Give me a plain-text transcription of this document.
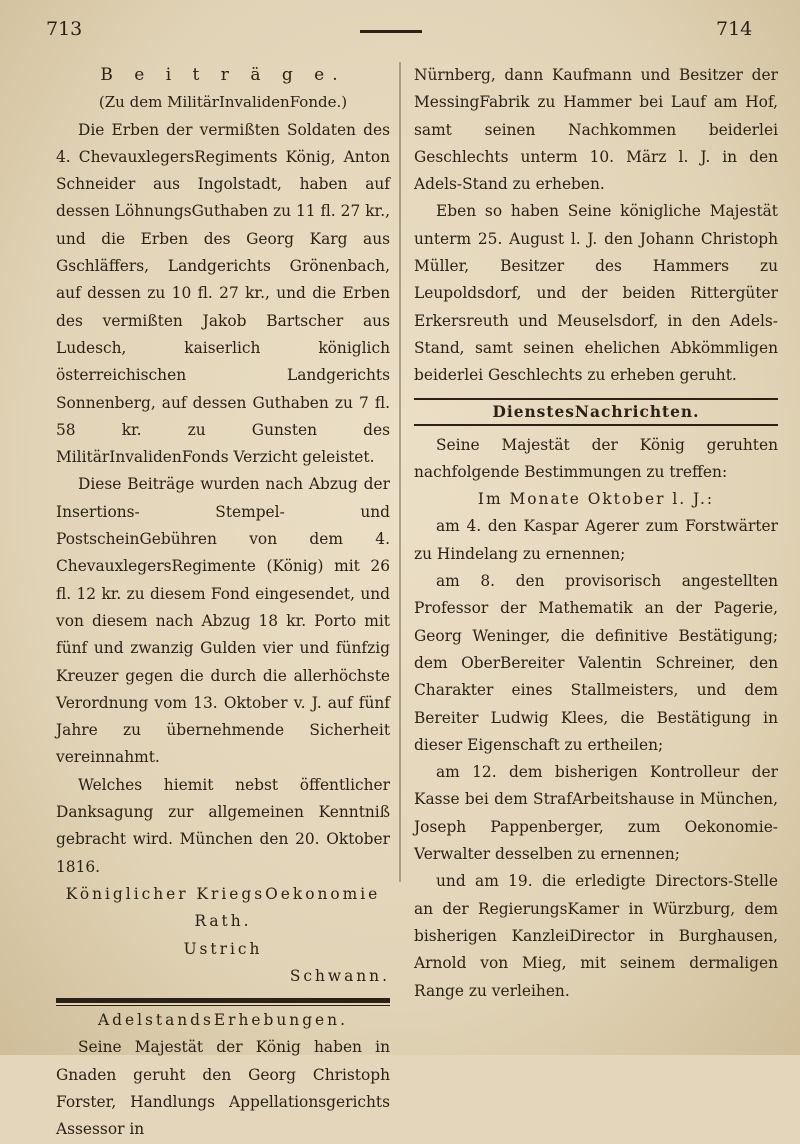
713	714

B e i t r ä g e.

(Zu dem MilitärInvalidenFonde.)

Die Erben der vermißten Soldaten des 4. ChevauxlegersRegiments König, Anton Schneider aus Ingolstadt, haben auf dessen LöhnungsGuthaben zu 11 fl. 27 kr., und die Erben des Georg Karg aus Gschläffers, Landgerichts Grönenbach, auf dessen zu 10 fl. 27 kr., und die Erben des vermißten Jakob Bartscher aus Ludesch, kaiserlich königlich österreichischen Landgerichts Sonnenberg, auf dessen Guthaben zu 7 fl. 58 kr. zu Gunsten des MilitärInvalidenFonds Verzicht geleistet.

Diese Beiträge wurden nach Abzug der Insertions- Stempel- und PostscheinGebühren von dem 4. ChevauxlegersRegimente (König) mit 26 fl. 12 kr. zu diesem Fond eingesendet, und von diesem nach Abzug 18 kr. Porto mit fünf und zwanzig Gulden vier und fünfzig Kreuzer gegen die durch die allerhöchste Verordnung vom 13. Oktober v. J. auf fünf Jahre zu übernehmende Sicherheit vereinnahmt.

Welches hiemit nebst öffentlicher Danksagung zur allgemeinen Kenntniß gebracht wird. München den 20. Oktober 1816.

Königlicher KriegsOekonomie Rath.

Ustrich

Schwann.

AdelstandsErhebungen.

Seine Majestät der König haben in Gnaden geruht den Georg Christoph Forster, Handlungs Appellationsgerichts Assessor in

Nürnberg, dann Kaufmann und Besitzer der MessingFabrik zu Hammer bei Lauf am Hof, samt seinen Nachkommen beiderlei Geschlechts unterm 10. März l. J. in den Adels-Stand zu erheben.

Eben so haben Seine königliche Majestät unterm 25. August l. J. den Johann Christoph Müller, Besitzer des Hammers zu Leupoldsdorf, und der beiden Rittergüter Erkersreuth und Meuselsdorf, in den Adels-Stand, samt seinen ehelichen Abkömmligen beiderlei Geschlechts zu erheben geruht.

DienstesNachrichten.

Seine Majestät der König geruhten nachfolgende Bestimmungen zu treffen:

Im Monate Oktober l. J.:

am 4. den Kaspar Agerer zum Forstwärter zu Hindelang zu ernennen;

am 8. den provisorisch angestellten Professor der Mathematik an der Pagerie, Georg Weninger, die definitive Bestätigung; dem OberBereiter Valentin Schreiner, den Charakter eines Stallmeisters, und dem Bereiter Ludwig Klees, die Bestätigung in dieser Eigenschaft zu ertheilen;

am 12. dem bisherigen Kontrolleur der Kasse bei dem StrafArbeitshause in München, Joseph Pappenberger, zum Oekonomie-Verwalter desselben zu ernennen;

und am 19. die erledigte Directors-Stelle an der RegierungsKamer in Würzburg, dem bisherigen KanzleiDirector in Burghausen, Arnold von Mieg, mit seinem dermaligen Range zu verleihen.
